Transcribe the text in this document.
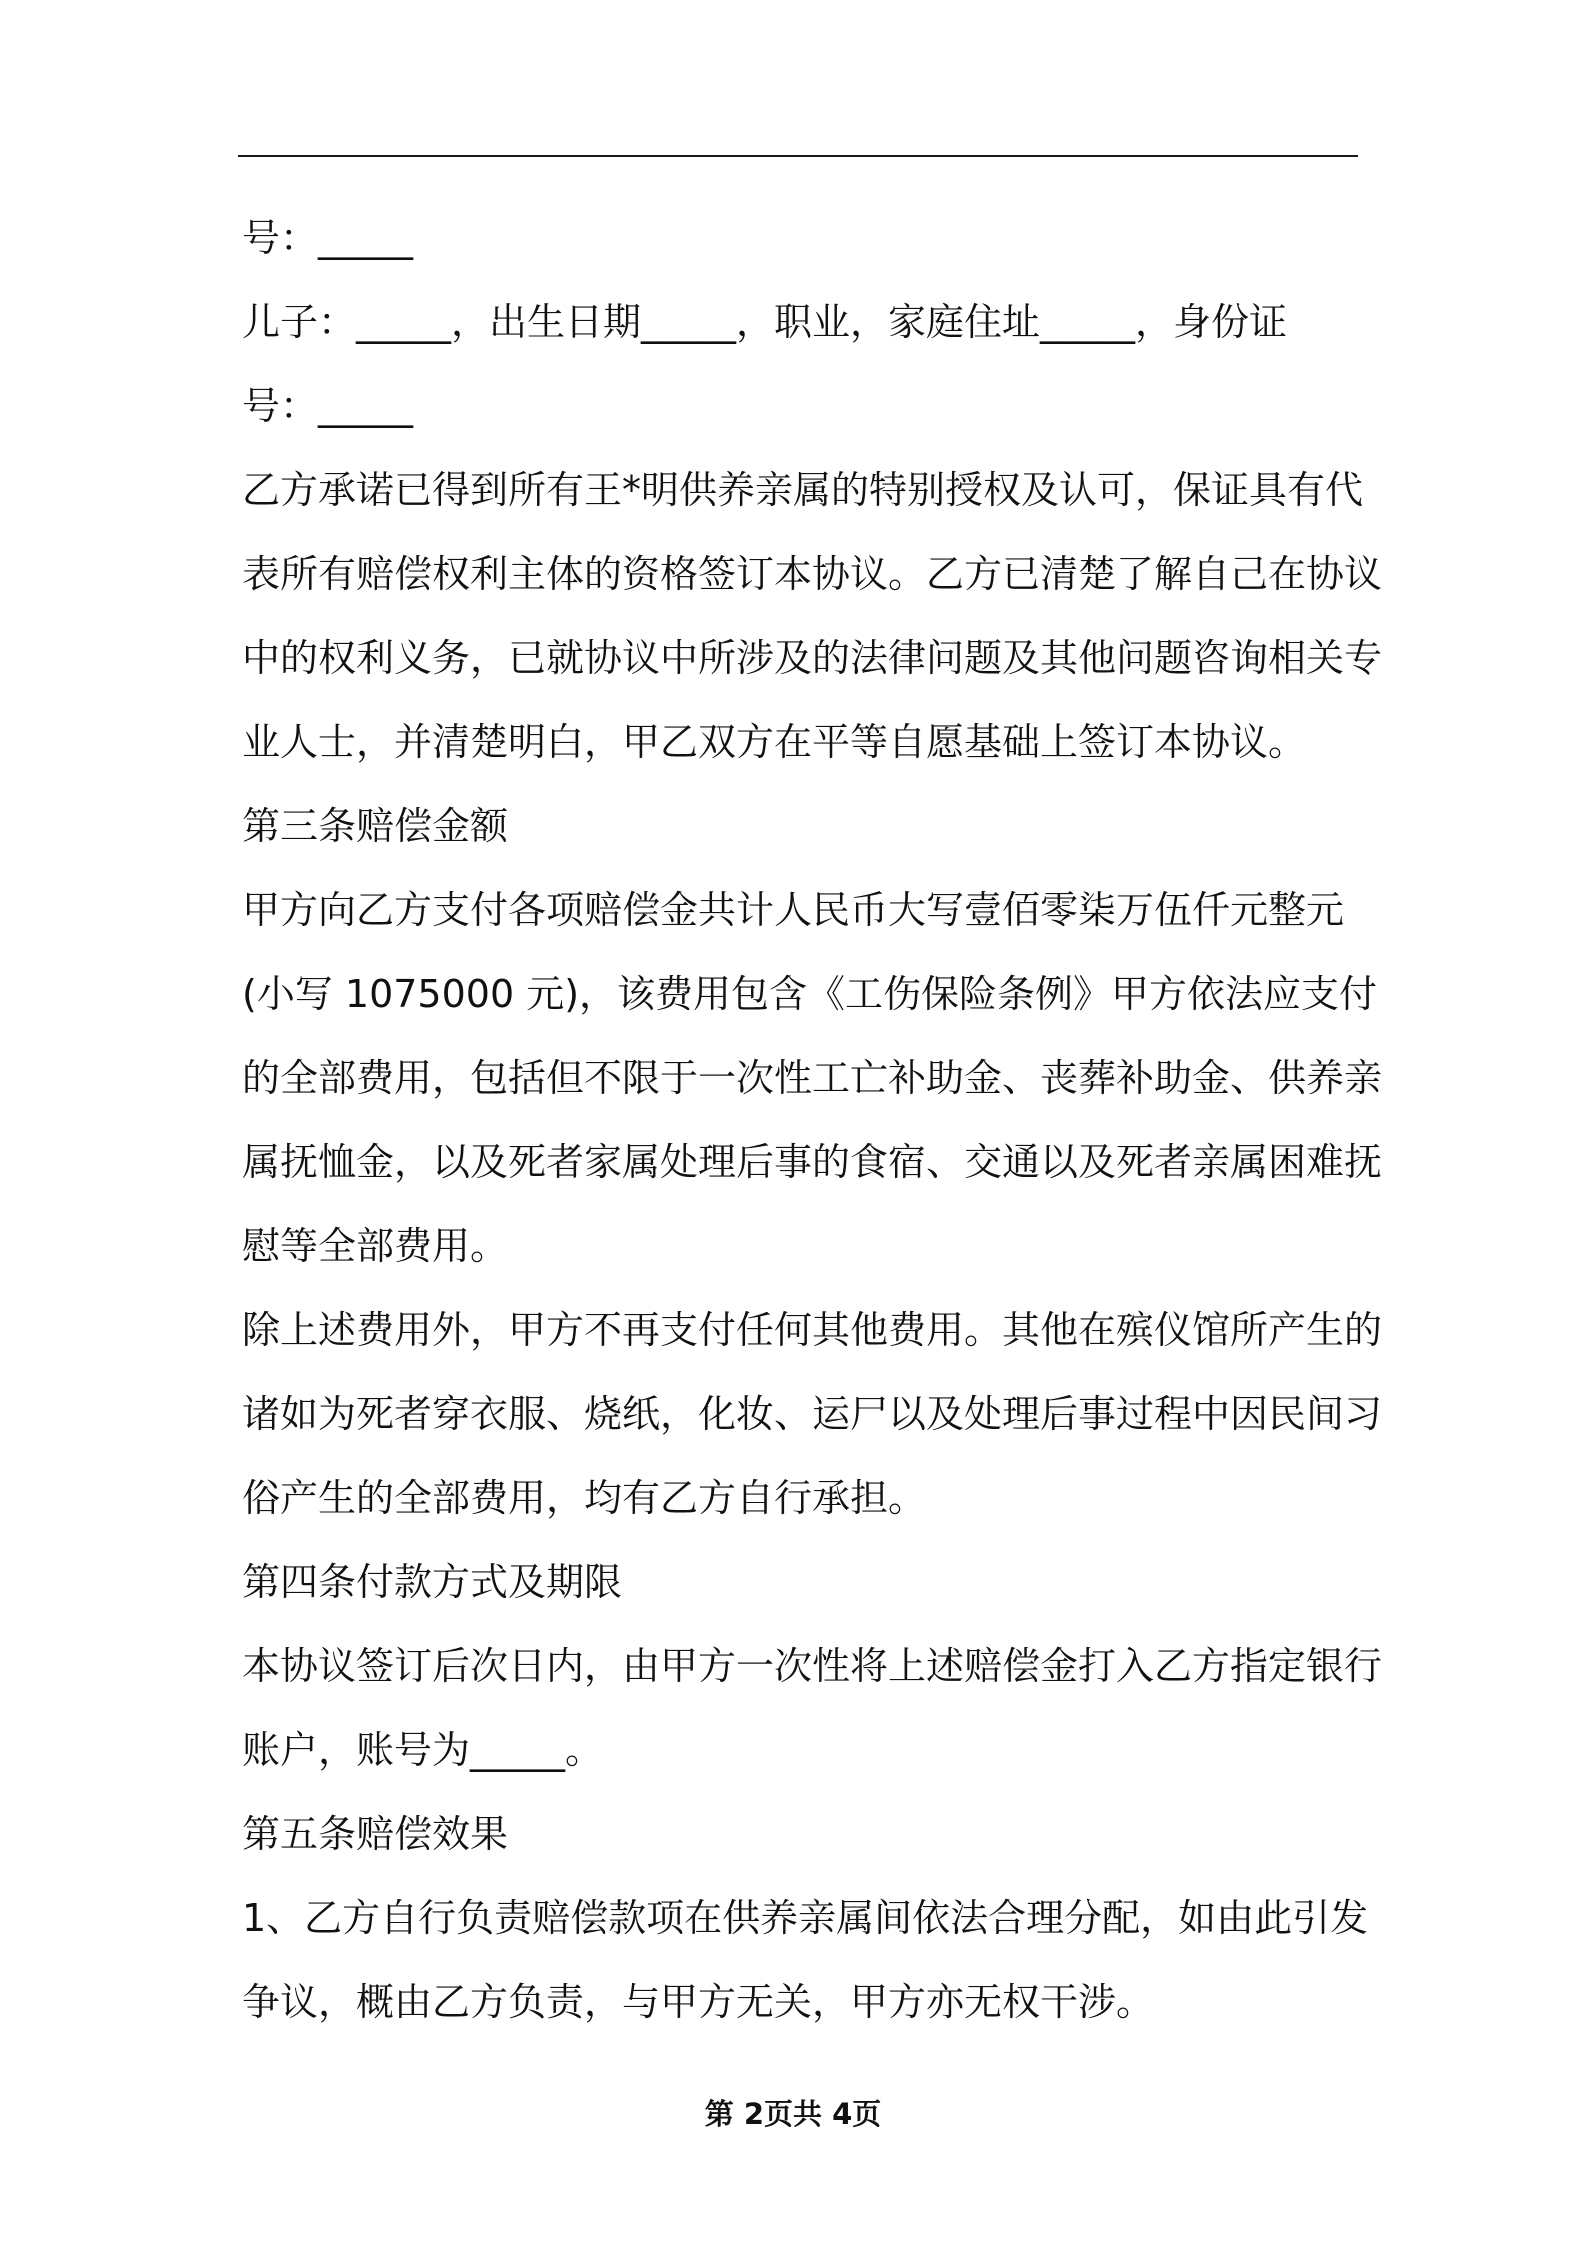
号：_____
儿子：_____，出生日期_____，职业，家庭住址_____，身份证
号：_____
乙方承诺已得到所有王*明供养亲属的特别授权及认可，保证具有代
表所有赔偿权利主体的资格签订本协议。乙方已清楚了解自己在协议
中的权利义务，已就协议中所涉及的法律问题及其他问题咨询相关专
业人士，并清楚明白，甲乙双方在平等自愿基础上签订本协议。
第三条赔偿金额
甲方向乙方支付各项赔偿金共计人民币大写壹佰零柒万伍仟元整元
(小写 1075000 元)，该费用包含《工伤保险条例》甲方依法应支付
的全部费用，包括但不限于一次性工亡补助金、丧葬补助金、供养亲
属抚恤金，以及死者家属处理后事的食宿、交通以及死者亲属困难抚
慰等全部费用。
除上述费用外，甲方不再支付任何其他费用。其他在殡仪馆所产生的
诸如为死者穿衣服、烧纸，化妆、运尸以及处理后事过程中因民间习
俗产生的全部费用，均有乙方自行承担。
第四条付款方式及期限
本协议签订后次日内，由甲方一次性将上述赔偿金打入乙方指定银行
账户，账号为_____。
第五条赔偿效果
1、乙方自行负责赔偿款项在供养亲属间依法合理分配，如由此引发
争议，概由乙方负责，与甲方无关，甲方亦无权干涉。
第 2页共 4页
